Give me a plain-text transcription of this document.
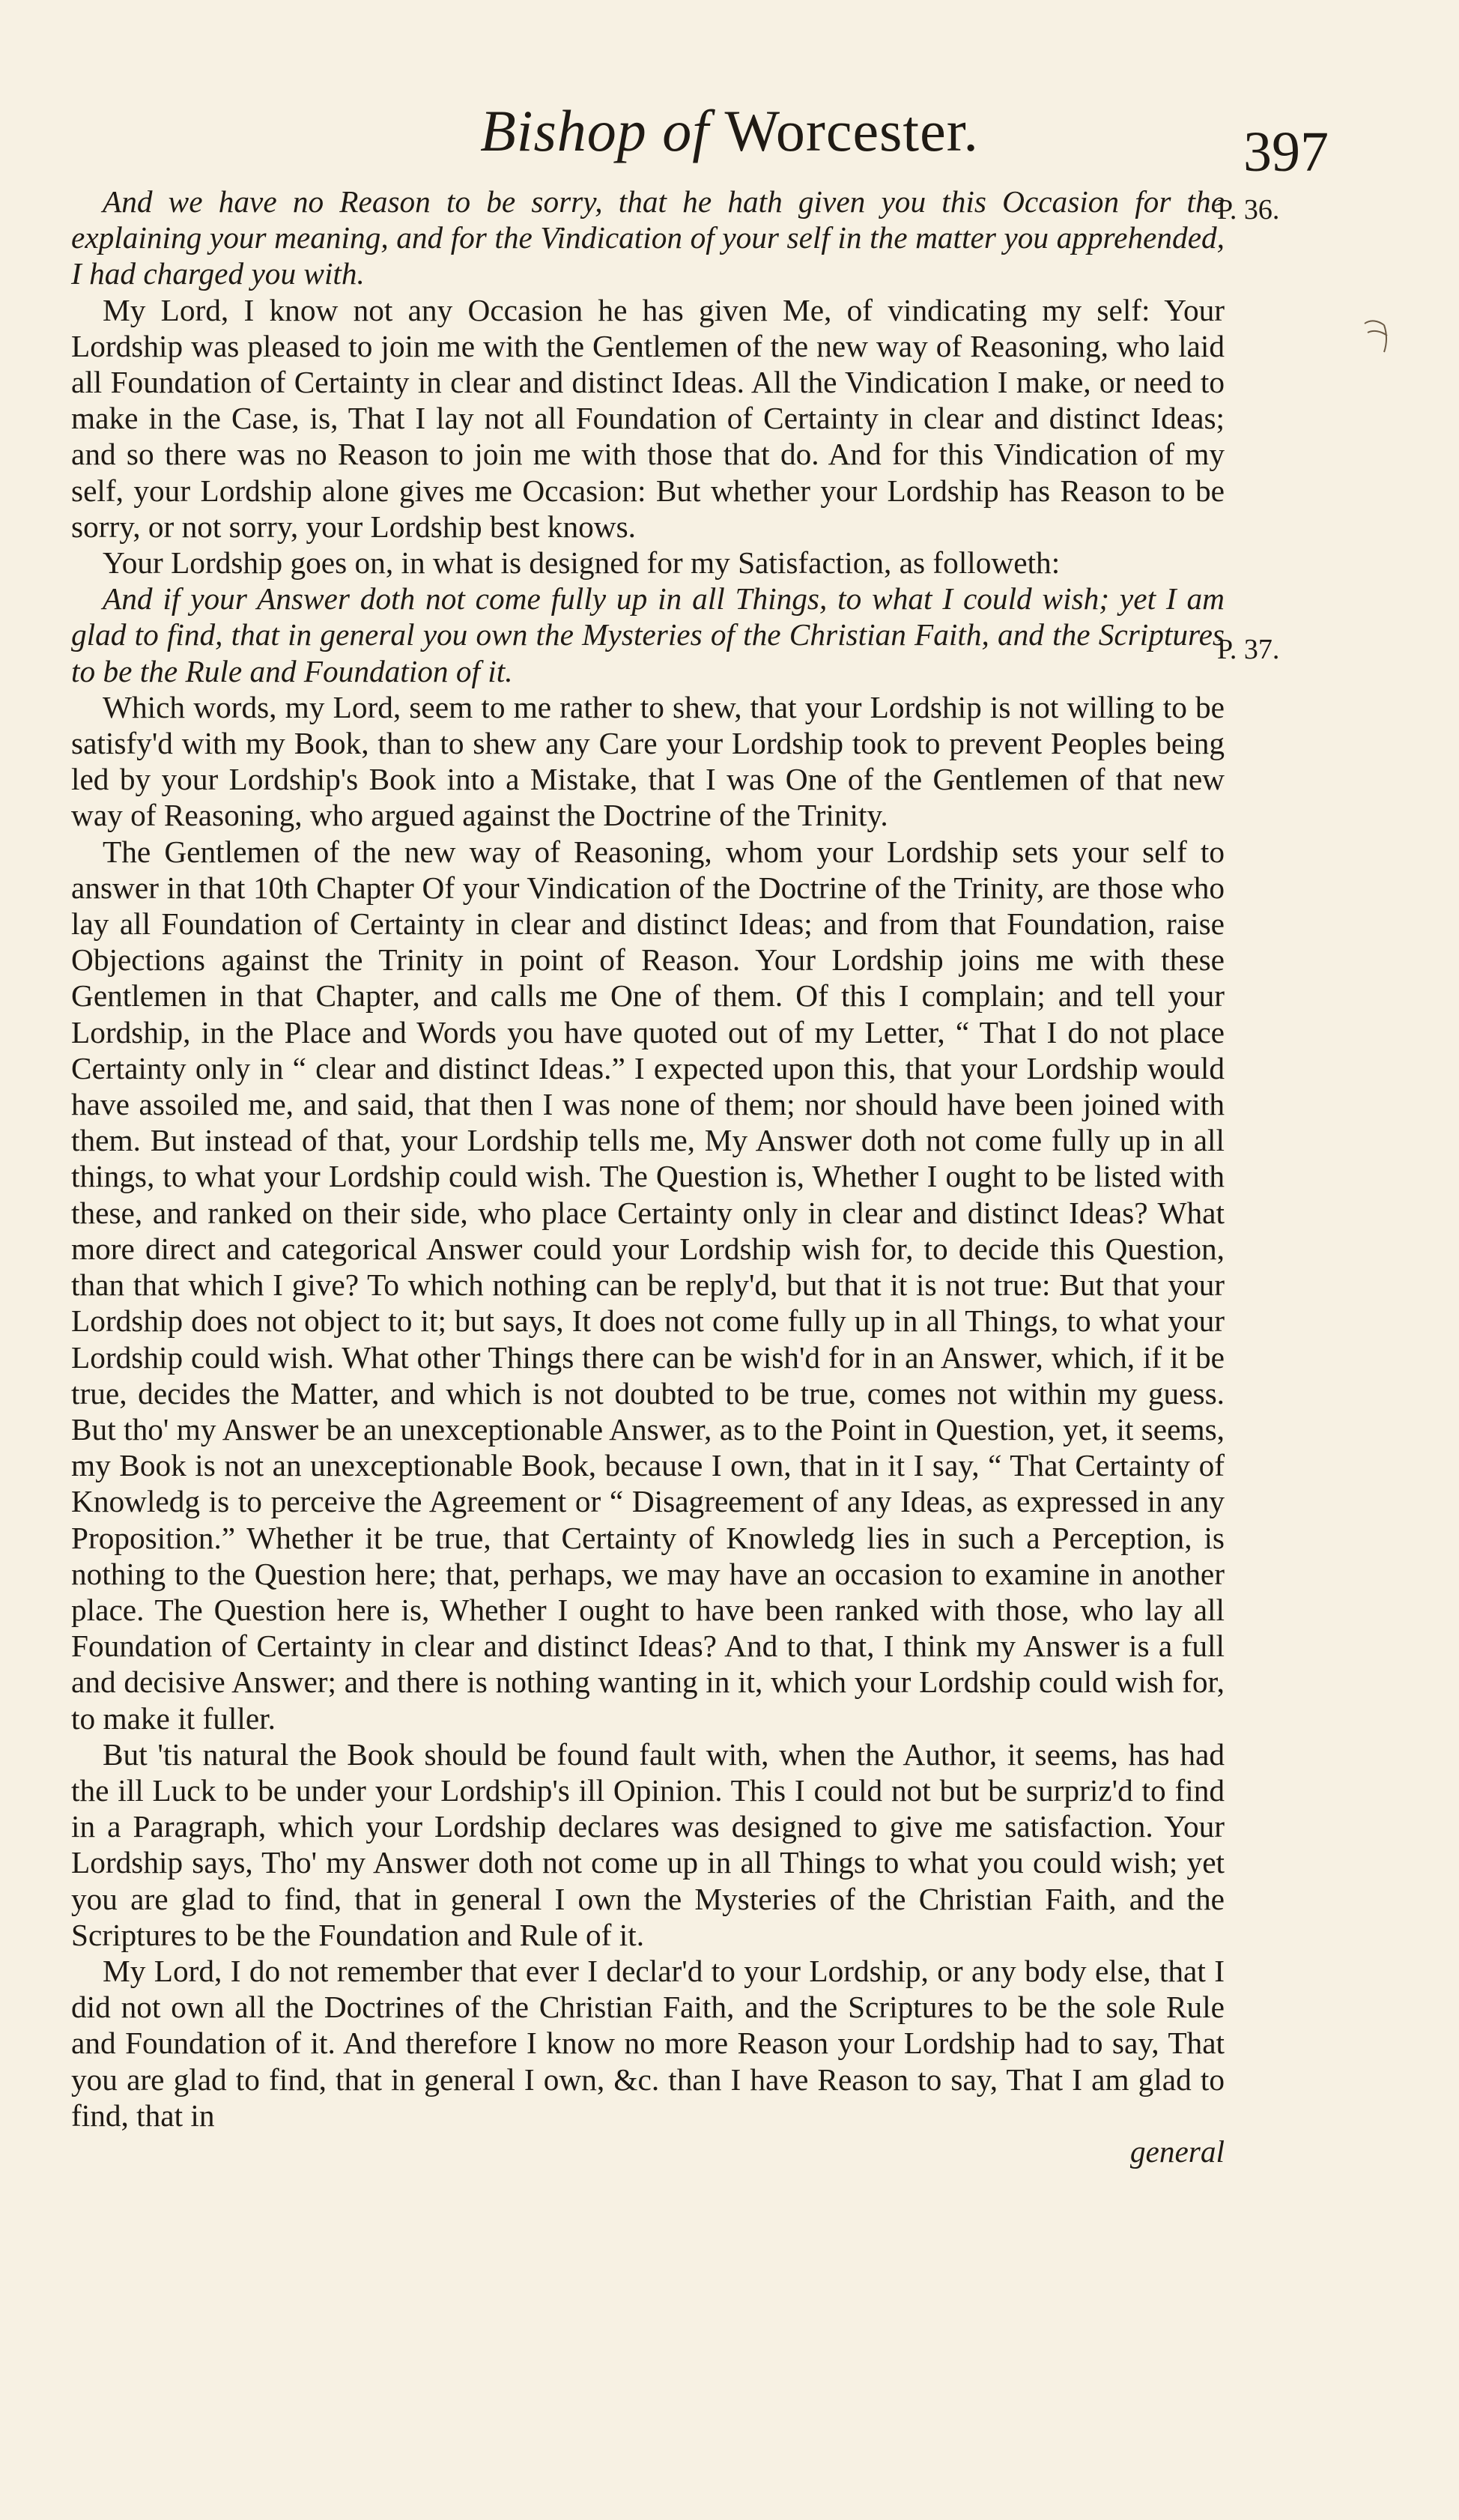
Bishop of Worcester.	397
P. 36.
P. 37.

And we have no Reason to be sorry, that he hath given you this Occasion for the explaining your meaning, and for the Vindication of your self in the matter you apprehended, I had charged you with.

My Lord, I know not any Occasion he has given Me, of vindicating my self: Your Lordship was pleased to join me with the Gentlemen of the new way of Reasoning, who laid all Foundation of Certainty in clear and distinct Ideas. All the Vindication I make, or need to make in the Case, is, That I lay not all Foundation of Certainty in clear and distinct Ideas; and so there was no Reason to join me with those that do. And for this Vindication of my self, your Lordship alone gives me Occasion: But whether your Lordship has Reason to be sorry, or not sorry, your Lordship best knows.

Your Lordship goes on, in what is designed for my Satisfaction, as followeth:

And if your Answer doth not come fully up in all Things, to what I could wish; yet I am glad to find, that in general you own the Mysteries of the Christian Faith, and the Scriptures to be the Rule and Foundation of it.

Which words, my Lord, seem to me rather to shew, that your Lordship is not willing to be satisfy'd with my Book, than to shew any Care your Lordship took to prevent Peoples being led by your Lordship's Book into a Mistake, that I was One of the Gentlemen of that new way of Reasoning, who argued against the Doctrine of the Trinity.

The Gentlemen of the new way of Reasoning, whom your Lordship sets your self to answer in that 10th Chapter Of your Vindication of the Doctrine of the Trinity, are those who lay all Foundation of Certainty in clear and distinct Ideas; and from that Foundation, raise Objections against the Trinity in point of Reason. Your Lordship joins me with these Gentlemen in that Chapter, and calls me One of them. Of this I complain; and tell your Lordship, in the Place and Words you have quoted out of my Letter, “ That I do not place Certainty only in “ clear and distinct Ideas.” I expected upon this, that your Lordship would have assoiled me, and said, that then I was none of them; nor should have been joined with them. But instead of that, your Lordship tells me, My Answer doth not come fully up in all things, to what your Lordship could wish. The Question is, Whether I ought to be listed with these, and ranked on their side, who place Certainty only in clear and distinct Ideas? What more direct and categorical Answer could your Lordship wish for, to decide this Question, than that which I give? To which nothing can be reply'd, but that it is not true: But that your Lordship does not object to it; but says, It does not come fully up in all Things, to what your Lordship could wish. What other Things there can be wish'd for in an Answer, which, if it be true, decides the Matter, and which is not doubted to be true, comes not within my guess. But tho' my Answer be an unexceptionable Answer, as to the Point in Question, yet, it seems, my Book is not an unexceptionable Book, because I own, that in it I say, “ That Certainty of Knowledg is to perceive the Agreement or “ Disagreement of any Ideas, as expressed in any Proposition.” Whether it be true, that Certainty of Knowledg lies in such a Perception, is nothing to the Question here; that, perhaps, we may have an occasion to examine in another place. The Question here is, Whether I ought to have been ranked with those, who lay all Foundation of Certainty in clear and distinct Ideas? And to that, I think my Answer is a full and decisive Answer; and there is nothing wanting in it, which your Lordship could wish for, to make it fuller.

But 'tis natural the Book should be found fault with, when the Author, it seems, has had the ill Luck to be under your Lordship's ill Opinion. This I could not but be surpriz'd to find in a Paragraph, which your Lordship declares was designed to give me satisfaction. Your Lordship says, Tho' my Answer doth not come up in all Things to what you could wish; yet you are glad to find, that in general I own the Mysteries of the Christian Faith, and the Scriptures to be the Foundation and Rule of it.

My Lord, I do not remember that ever I declar'd to your Lordship, or any body else, that I did not own all the Doctrines of the Christian Faith, and the Scriptures to be the sole Rule and Foundation of it. And therefore I know no more Reason your Lordship had to say, That you are glad to find, that in general I own, &c. than I have Reason to say, That I am glad to find, that in

general
